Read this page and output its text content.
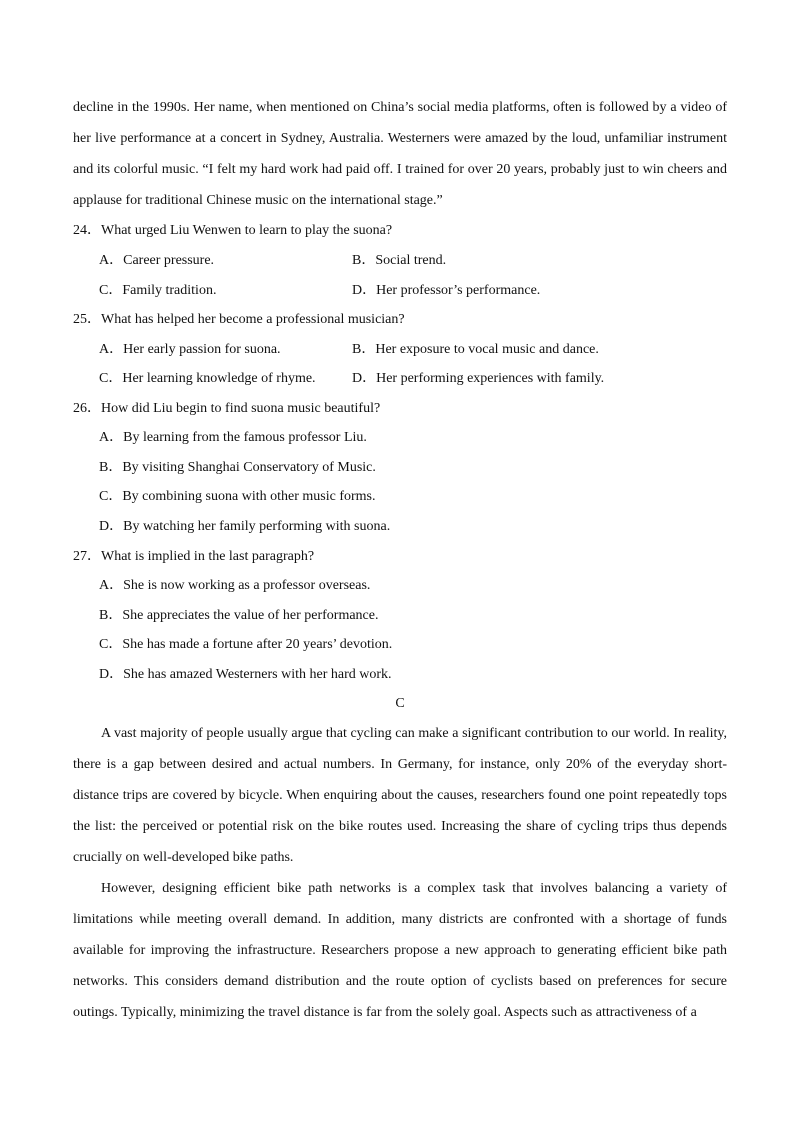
decline in the 1990s. Her name, when mentioned on China’s social media platforms, often is followed by a video of her live performance at a concert in Sydney, Australia. Westerners were amazed by the loud, unfamiliar instrument and its colorful music. “I felt my hard work had paid off. I trained for over 20 years, probably just to win cheers and applause for traditional Chinese music on the international stage.”

24．What urged Liu Wenwen to learn to play the suona?
A．Career pressure.	B．Social trend.
C．Family tradition.	D．Her professor’s performance.
25．What has helped her become a professional musician?
A．Her early passion for suona.	B．Her exposure to vocal music and dance.
C．Her learning knowledge of rhyme.	D．Her performing experiences with family.
26．How did Liu begin to find suona music beautiful?
A．By learning from the famous professor Liu.
B．By visiting Shanghai Conservatory of Music.
C．By combining suona with other music forms.
D．By watching her family performing with suona.
27．What is implied in the last paragraph?
A．She is now working as a professor overseas.
B．She appreciates the value of her performance.
C．She has made a fortune after 20 years’ devotion.
D．She has amazed Westerners with her hard work.
C

A vast majority of people usually argue that cycling can make a significant contribution to our world. In reality, there is a gap between desired and actual numbers. In Germany, for instance, only 20% of the everyday short-distance trips are covered by bicycle. When enquiring about the causes, researchers found one point repeatedly tops the list: the perceived or potential risk on the bike routes used. Increasing the share of cycling trips thus depends crucially on well-developed bike paths.

However, designing efficient bike path networks is a complex task that involves balancing a variety of limitations while meeting overall demand. In addition, many districts are confronted with a shortage of funds available for improving the infrastructure. Researchers propose a new approach to generating efficient bike path networks. This considers demand distribution and the route option of cyclists based on preferences for secure outings. Typically, minimizing the travel distance is far from the solely goal. Aspects such as attractiveness of a
